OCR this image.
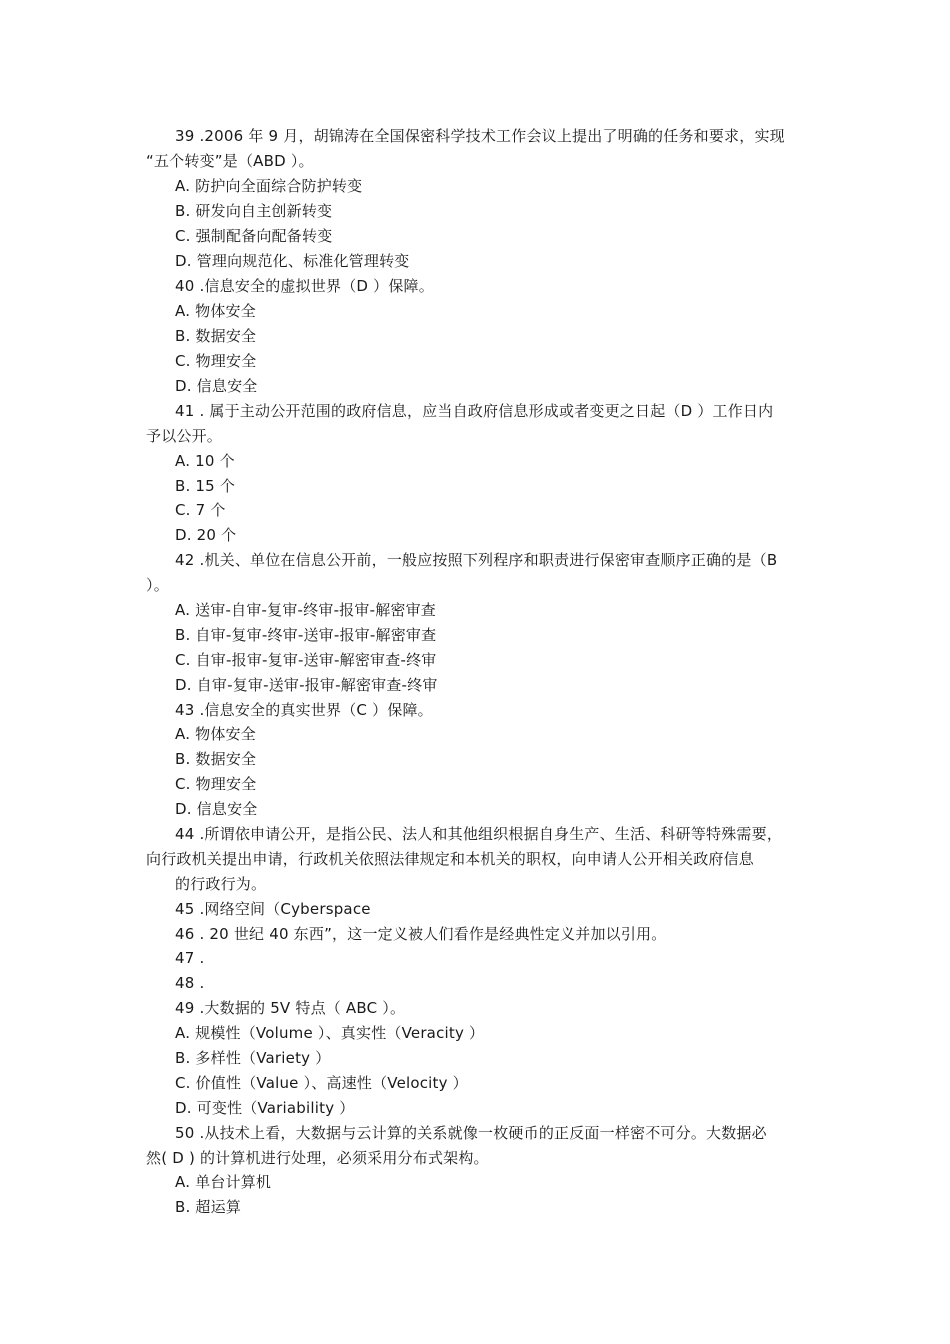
39 .2006 年 9 月，胡锦涛在全国保密科学技术工作会议上提出了明确的任务和要求，实现
“五个转变”是（ABD ）。
A. 防护向全面综合防护转变
B. 研发向自主创新转变
C. 强制配备向配备转变
D. 管理向规范化、标准化管理转变
40 .信息安全的虚拟世界（D ）保障。
A. 物体安全
B. 数据安全
C. 物理安全
D. 信息安全
41 . 属于主动公开范围的政府信息，应当自政府信息形成或者变更之日起（D ）工作日内
予以公开。
A. 10 个
B. 15 个
C. 7 个
D. 20 个
42 .机关、单位在信息公开前，一般应按照下列程序和职责进行保密审查顺序正确的是（B
）。
A. 送审-自审-复审-终审-报审-解密审查
B. 自审-复审-终审-送审-报审-解密审查
C. 自审-报审-复审-送审-解密审查-终审
D. 自审-复审-送审-报审-解密审查-终审
43 .信息安全的真实世界（C ）保障。
A. 物体安全
B. 数据安全
C. 物理安全
D. 信息安全
44 .所谓依申请公开，是指公民、法人和其他组织根据自身生产、生活、科研等特殊需要，
向行政机关提出申请，行政机关依照法律规定和本机关的职权，向申请人公开相关政府信息
的行政行为。
45 .网络空间（Cyberspace
46 . 20 世纪 40 东西”，这一定义被人们看作是经典性定义并加以引用。
47 .
48 .
49 .大数据的 5V 特点（ ABC ）。
A. 规模性（Volume ）、真实性（Veracity ）
B. 多样性（Variety ）
C. 价值性（Value ）、高速性（Velocity ）
D. 可变性（Variability ）
50 .从技术上看，大数据与云计算的关系就像一枚硬币的正反面一样密不可分。大数据必
然( D ) 的计算机进行处理，必须采用分布式架构。
A. 单台计算机
B. 超运算
